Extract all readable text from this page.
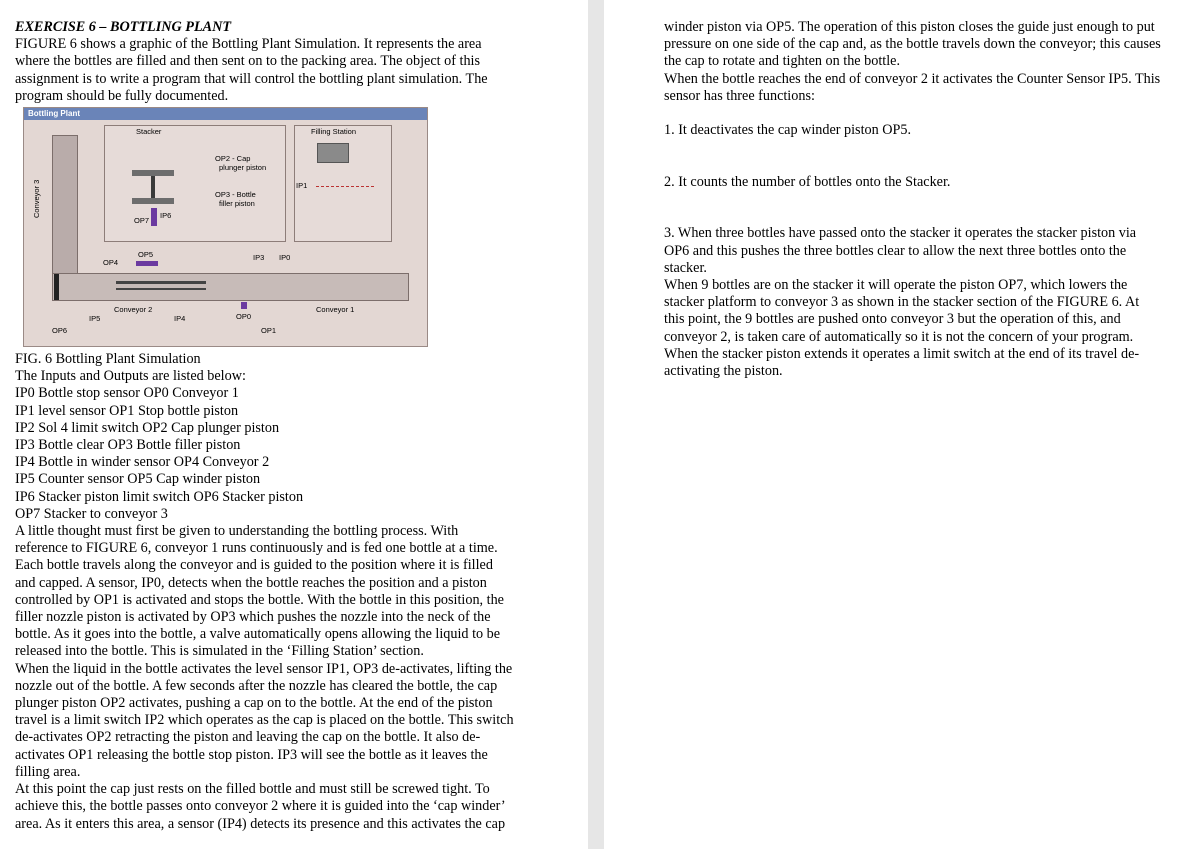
EXERCISE 6 – BOTTLING PLANT
FIGURE 6 shows a graphic of the Bottling Plant Simulation. It represents the area
where the bottles are filled and then sent on to the packing area. The object of this
assignment is to write a program that will control the bottling plant simulation. The
program should be fully documented.
Bottling Plant
Stacker
OP7
IP6
Filling Station
OP2 - Cap
plunger piston
OP3 - Bottle
filler piston
IP1
Conveyor 3
Conveyor 2	Conveyor 1
OP4
OP5	IP3 IP0
IP5	IP4	OP0
OP6	OP1
FIG. 6 Bottling Plant Simulation
The Inputs and Outputs are listed below:
IP0 Bottle stop sensor OP0 Conveyor 1
IP1 level sensor OP1 Stop bottle piston
IP2 Sol 4 limit switch OP2 Cap plunger piston
IP3 Bottle clear OP3 Bottle filler piston
IP4 Bottle in winder sensor OP4 Conveyor 2
IP5 Counter sensor OP5 Cap winder piston
IP6 Stacker piston limit switch OP6 Stacker piston
OP7 Stacker to conveyor 3
A little thought must first be given to understanding the bottling process. With
reference to FIGURE 6, conveyor 1 runs continuously and is fed one bottle at a time.
Each bottle travels along the conveyor and is guided to the position where it is filled
and capped. A sensor, IP0, detects when the bottle reaches the position and a piston
controlled by OP1 is activated and stops the bottle. With the bottle in this position, the
filler nozzle piston is activated by OP3 which pushes the nozzle into the neck of the
bottle. As it goes into the bottle, a valve automatically opens allowing the liquid to be
released into the bottle. This is simulated in the ‘Filling Station’ section.
When the liquid in the bottle activates the level sensor IP1, OP3 de-activates, lifting the
nozzle out of the bottle. A few seconds after the nozzle has cleared the bottle, the cap
plunger piston OP2 activates, pushing a cap on to the bottle. At the end of the piston
travel is a limit switch IP2 which operates as the cap is placed on the bottle. This switch
de-activates OP2 retracting the piston and leaving the cap on the bottle. It also de-
activates OP1 releasing the bottle stop piston. IP3 will see the bottle as it leaves the
filling area.
At this point the cap just rests on the filled bottle and must still be screwed tight. To
achieve this, the bottle passes onto conveyor 2 where it is guided into the ‘cap winder’
area. As it enters this area, a sensor (IP4) detects its presence and this activates the cap
winder piston via OP5. The operation of this piston closes the guide just enough to put
pressure on one side of the cap and, as the bottle travels down the conveyor; this causes
the cap to rotate and tighten on the bottle.
When the bottle reaches the end of conveyor 2 it activates the Counter Sensor IP5. This
sensor has three functions:
1. It deactivates the cap winder piston OP5.
2. It counts the number of bottles onto the Stacker.
3. When three bottles have passed onto the stacker it operates the stacker piston via
OP6 and this pushes the three bottles clear to allow the next three bottles onto the
stacker.
When 9 bottles are on the stacker it will operate the piston OP7, which lowers the
stacker platform to conveyor 3 as shown in the stacker section of the FIGURE 6. At
this point, the 9 bottles are pushed onto conveyor 3 but the operation of this, and
conveyor 2, is taken care of automatically so it is not the concern of your program.
When the stacker piston extends it operates a limit switch at the end of its travel de-
activating the piston.
